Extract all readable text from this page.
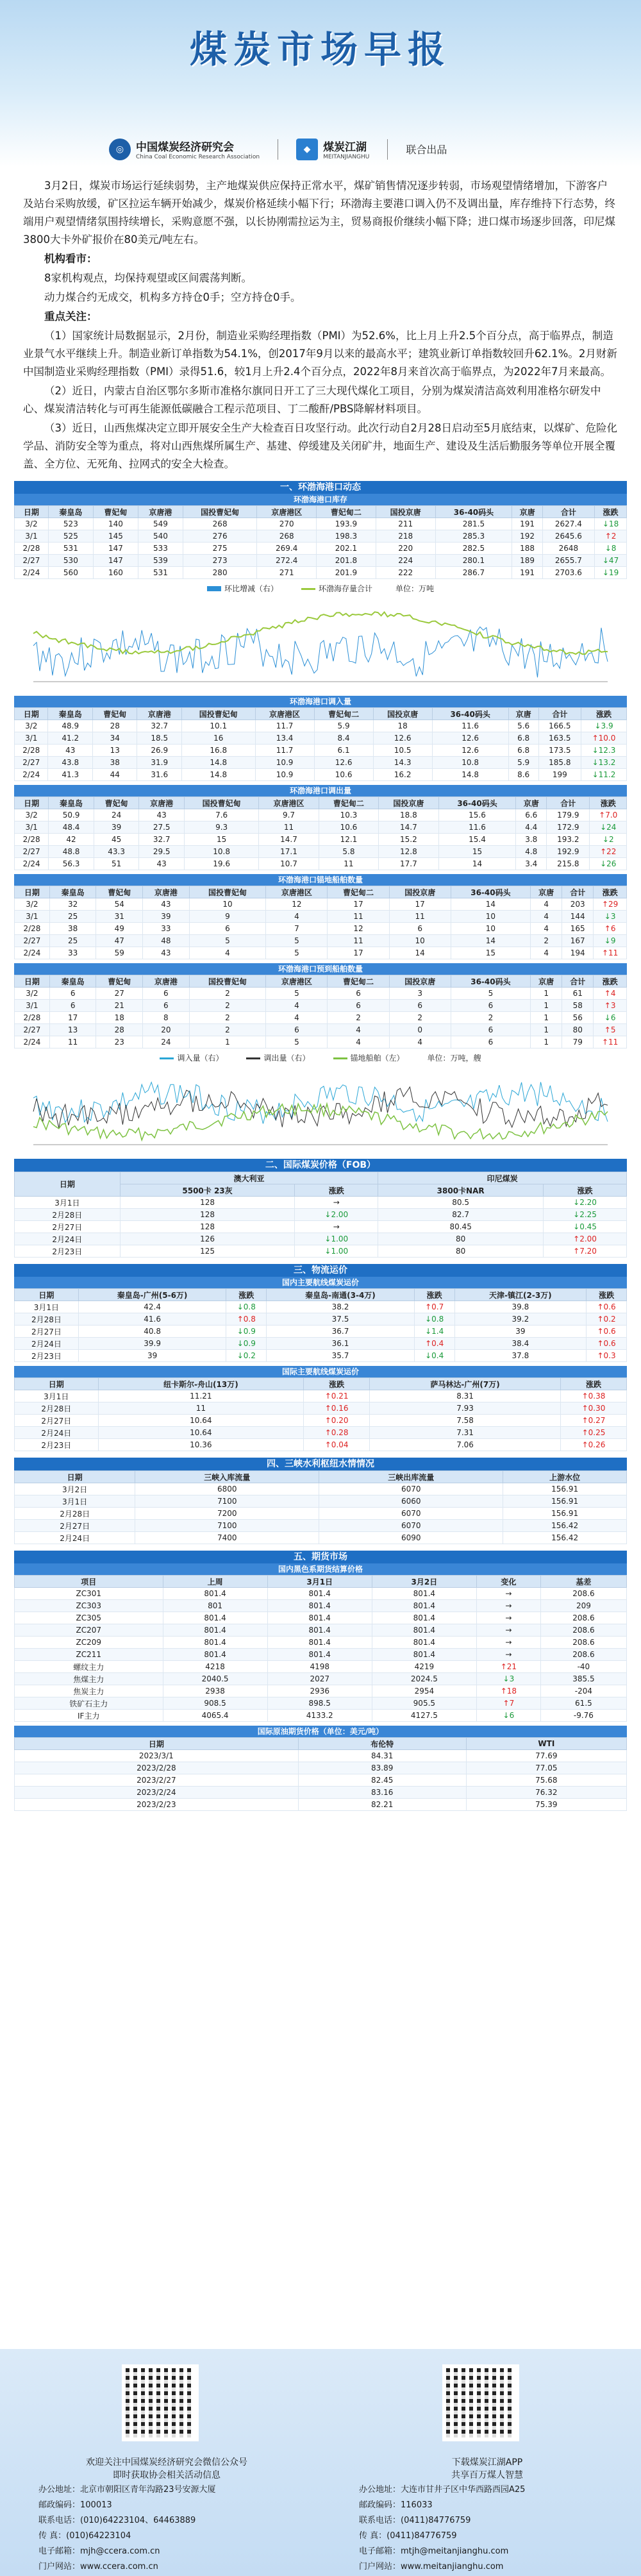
煤炭市场早报
◎	中国煤炭经济研究会
China Coal Economic Research Association
◆	煤炭江湖
MEITANJIANGHU
联合出品

3月2日，煤炭市场运行延续弱势，主产地煤炭供应保持正常水平，煤矿销售情况逐步转弱，市场观望情绪增加，下游客户及站台采购放缓，矿区拉运车辆开始减少，煤炭价格延续小幅下行；环渤海主要港口调入仍不及调出量，库存维持下行态势，终端用户观望情绪氛围持续增长，采购意愿不强，以长协刚需拉运为主，贸易商报价继续小幅下降；进口煤市场逐步回落，印尼煤3800大卡外矿报价在80美元/吨左右。

机构看市：

8家机构观点，均保持观望或区间震荡判断。

动力煤合约无成交，机构多方持仓0手；空方持仓0手。

重点关注：

（1）国家统计局数据显示，2月份，制造业采购经理指数（PMI）为52.6%，比上月上升2.5个百分点，高于临界点，制造业景气水平继续上升。制造业新订单指数为54.1%，创2017年9月以来的最高水平；建筑业新订单指数较回升62.1%。2月财新中国制造业采购经理指数（PMI）录得51.6，较1月上升2.4个百分点，2022年8月来首次高于临界点，为2022年7月来最高。

（2）近日，内蒙古自治区鄂尔多斯市准格尔旗同日开工了三大现代煤化工项目，分别为煤炭清洁高效利用准格尔研发中心、煤炭清洁转化与可再生能源低碳融合工程示范项目、丁二酸酐/PBS降解材料项目。

（3）近日，山西焦煤决定立即开展安全生产大检查百日攻坚行动。此次行动自2月28日启动至5月底结束，以煤矿、危险化学品、消防安全等为重点，将对山西焦煤所属生产、基建、停缓建及关闭矿井，地面生产、建设及生活后勤服务等单位开展全覆盖、全方位、无死角、拉网式的安全大检查。

一、环渤海港口动态
环渤海港口库存
日期	秦皇岛	曹妃甸	京唐港	国投曹妃甸	京唐港区	曹妃甸二	国投京唐	36-40码头	京唐	合计	涨跌
3/2	523	140	549	268	270	193.9	211	281.5	191	2627.4	↓18
3/1	525	145	540	276	268	198.3	218	285.3	192	2645.6	↑2
2/28	531	147	533	275	269.4	202.1	220	282.5	188	2648	↓8
2/27	530	147	539	273	272.4	201.8	224	280.1	189	2655.7	↓47
2/24	560	160	531	280	271	201.9	222	286.7	191	2703.6	↓19
环比增减（右）	环渤海存量合计	单位：万吨
环渤海港口调入量
日期	秦皇岛	曹妃甸	京唐港	国投曹妃甸	京唐港区	曹妃甸二	国投京唐	36-40码头	京唐	合计	涨跌
3/2	48.9	28	32.7	10.1	11.7	5.9	18	11.6	5.6	166.5	↓3.9
3/1	41.2	34	18.5	16	13.4	8.4	12.6	12.6	6.8	163.5	↑10.0
2/28	43	13	26.9	16.8	11.7	6.1	10.5	12.6	6.8	173.5	↓12.3
2/27	43.8	38	31.9	14.8	10.9	12.6	14.3	10.8	5.9	185.8	↓13.2
2/24	41.3	44	31.6	14.8	10.9	10.6	16.2	14.8	8.6	199	↓11.2
环渤海港口调出量
日期	秦皇岛	曹妃甸	京唐港	国投曹妃甸	京唐港区	曹妃甸二	国投京唐	36-40码头	京唐	合计	涨跌
3/2	50.9	24	43	7.6	9.7	10.3	18.8	15.6	6.6	179.9	↑7.0
3/1	48.4	39	27.5	9.3	11	10.6	14.7	11.6	4.4	172.9	↓24
2/28	42	45	32.7	15	14.7	12.1	15.2	15.4	3.8	193.2	↓2
2/27	48.8	43.3	29.5	10.8	17.1	5.8	12.8	15	4.8	192.9	↑22
2/24	56.3	51	43	19.6	10.7	11	17.7	14	3.4	215.8	↓26
环渤海港口锚地船舶数量
日期	秦皇岛	曹妃甸	京唐港	国投曹妃甸	京唐港区	曹妃甸二	国投京唐	36-40码头	京唐	合计	涨跌
3/2	32	54	43	10	12	17	17	14	4	203	↑29
3/1	25	31	39	9	4	11	11	10	4	144	↓3
2/28	38	49	33	6	7	12	6	10	4	165	↑6
2/27	25	47	48	5	5	11	10	14	2	167	↓9
2/24	33	59	43	4	5	17	14	15	4	194	↑11
环渤海港口预到船舶数量
日期	秦皇岛	曹妃甸	京唐港	国投曹妃甸	京唐港区	曹妃甸二	国投京唐	36-40码头	京唐	合计	涨跌
3/2	6	27	6	2	5	6	3	5	1	61	↑4
3/1	6	21	6	2	4	6	6	6	1	58	↑3
2/28	17	18	8	2	4	2	2	2	1	56	↓6
2/27	13	28	20	2	6	4	0	6	1	80	↑5
2/24	11	23	24	1	5	4	4	6	1	79	↑11
调入量（右）	调出量（右）	锚地船舶（左）	单位：万吨，艘
二、国际煤炭价格（FOB）
日期	澳大利亚		印尼煤炭	
	5500卡 23灰	涨跌	3800卡NAR	涨跌
3月1日	128	→	80.5	↓2.20
2月28日	128	↓2.00	82.7	↓2.25
2月27日	128	→	80.45	↓0.45
2月24日	126	↓1.00	80	↑2.00
2月23日	125	↓1.00	80	↑7.20
三、物流运价
国内主要航线煤炭运价
日期	秦皇岛-广州(5-6万)	涨跌	秦皇岛-南通(3-4万)	涨跌	天津-镇江(2-3万)	涨跌
3月1日	42.4	↓0.8	38.2	↑0.7	39.8	↑0.6
2月28日	41.6	↑0.8	37.5	↓0.8	39.2	↑0.2
2月27日	40.8	↓0.9	36.7	↓1.4	39	↑0.6
2月24日	39.9	↓0.9	36.1	↑0.4	38.4	↑0.6
2月23日	39	↓0.2	35.7	↓0.4	37.8	↑0.3
国际主要航线煤炭运价
日期	纽卡斯尔-舟山(13万)	涨跌	萨马林达-广州(7万)	涨跌
3月1日	11.21	↑0.21	8.31	↑0.38
2月28日	11	↑0.16	7.93	↑0.30
2月27日	10.64	↑0.20	7.58	↑0.27
2月24日	10.64	↑0.28	7.31	↑0.25
2月23日	10.36	↑0.04	7.06	↑0.26
四、三峡水利枢纽水情情况
日期	三峡入库流量	三峡出库流量	上游水位
3月2日	6800	6070	156.91
3月1日	7100	6060	156.91
2月28日	7200	6070	156.91
2月27日	7100	6070	156.42
2月24日	7400	6090	156.42
五、期货市场
国内黑色系期货结算价格
项目	上周	3月1日	3月2日	变化	基差
ZC301	801.4	801.4	801.4	→	208.6
ZC303	801	801.4	801.4	→	209
ZC305	801.4	801.4	801.4	→	208.6
ZC207	801.4	801.4	801.4	→	208.6
ZC209	801.4	801.4	801.4	→	208.6
ZC211	801.4	801.4	801.4	→	208.6
螺纹主力	4218	4198	4219	↑21	-40
焦煤主力	2040.5	2027	2024.5	↓3	385.5
焦炭主力	2938	2936	2954	↑18	-204
铁矿石主力	908.5	898.5	905.5	↑7	61.5
IF主力	4065.4	4133.2	4127.5	↓6	-9.76
国际原油期货价格（单位：美元/吨）
日期	布伦特	WTI
2023/3/1	84.31	77.69
2023/2/28	83.89	77.05
2023/2/27	82.45	75.68
2023/2/24	83.16	76.32
2023/2/23	82.21	75.39
欢迎关注中国煤炭经济研究会微信公众号
即时获取协会相关活动信息
下载煤炭江湖APP
共享百万煤人智慧
办公地址：北京市朝阳区青年沟路23号安源大厦
邮政编码：100013
联系电话：(010)64223104、64463889
传 真：(010)64223104
电子邮箱：mjh@ccera.com.cn
门户网站：www.ccera.com.cn
办公地址：大连市甘井子区中华西路西园A25
邮政编码：116033
联系电话：(0411)84776759
传 真：(0411)84776759
电子邮箱：mtjh@meitanjianghu.com
门户网站：www.meitanjianghu.com
